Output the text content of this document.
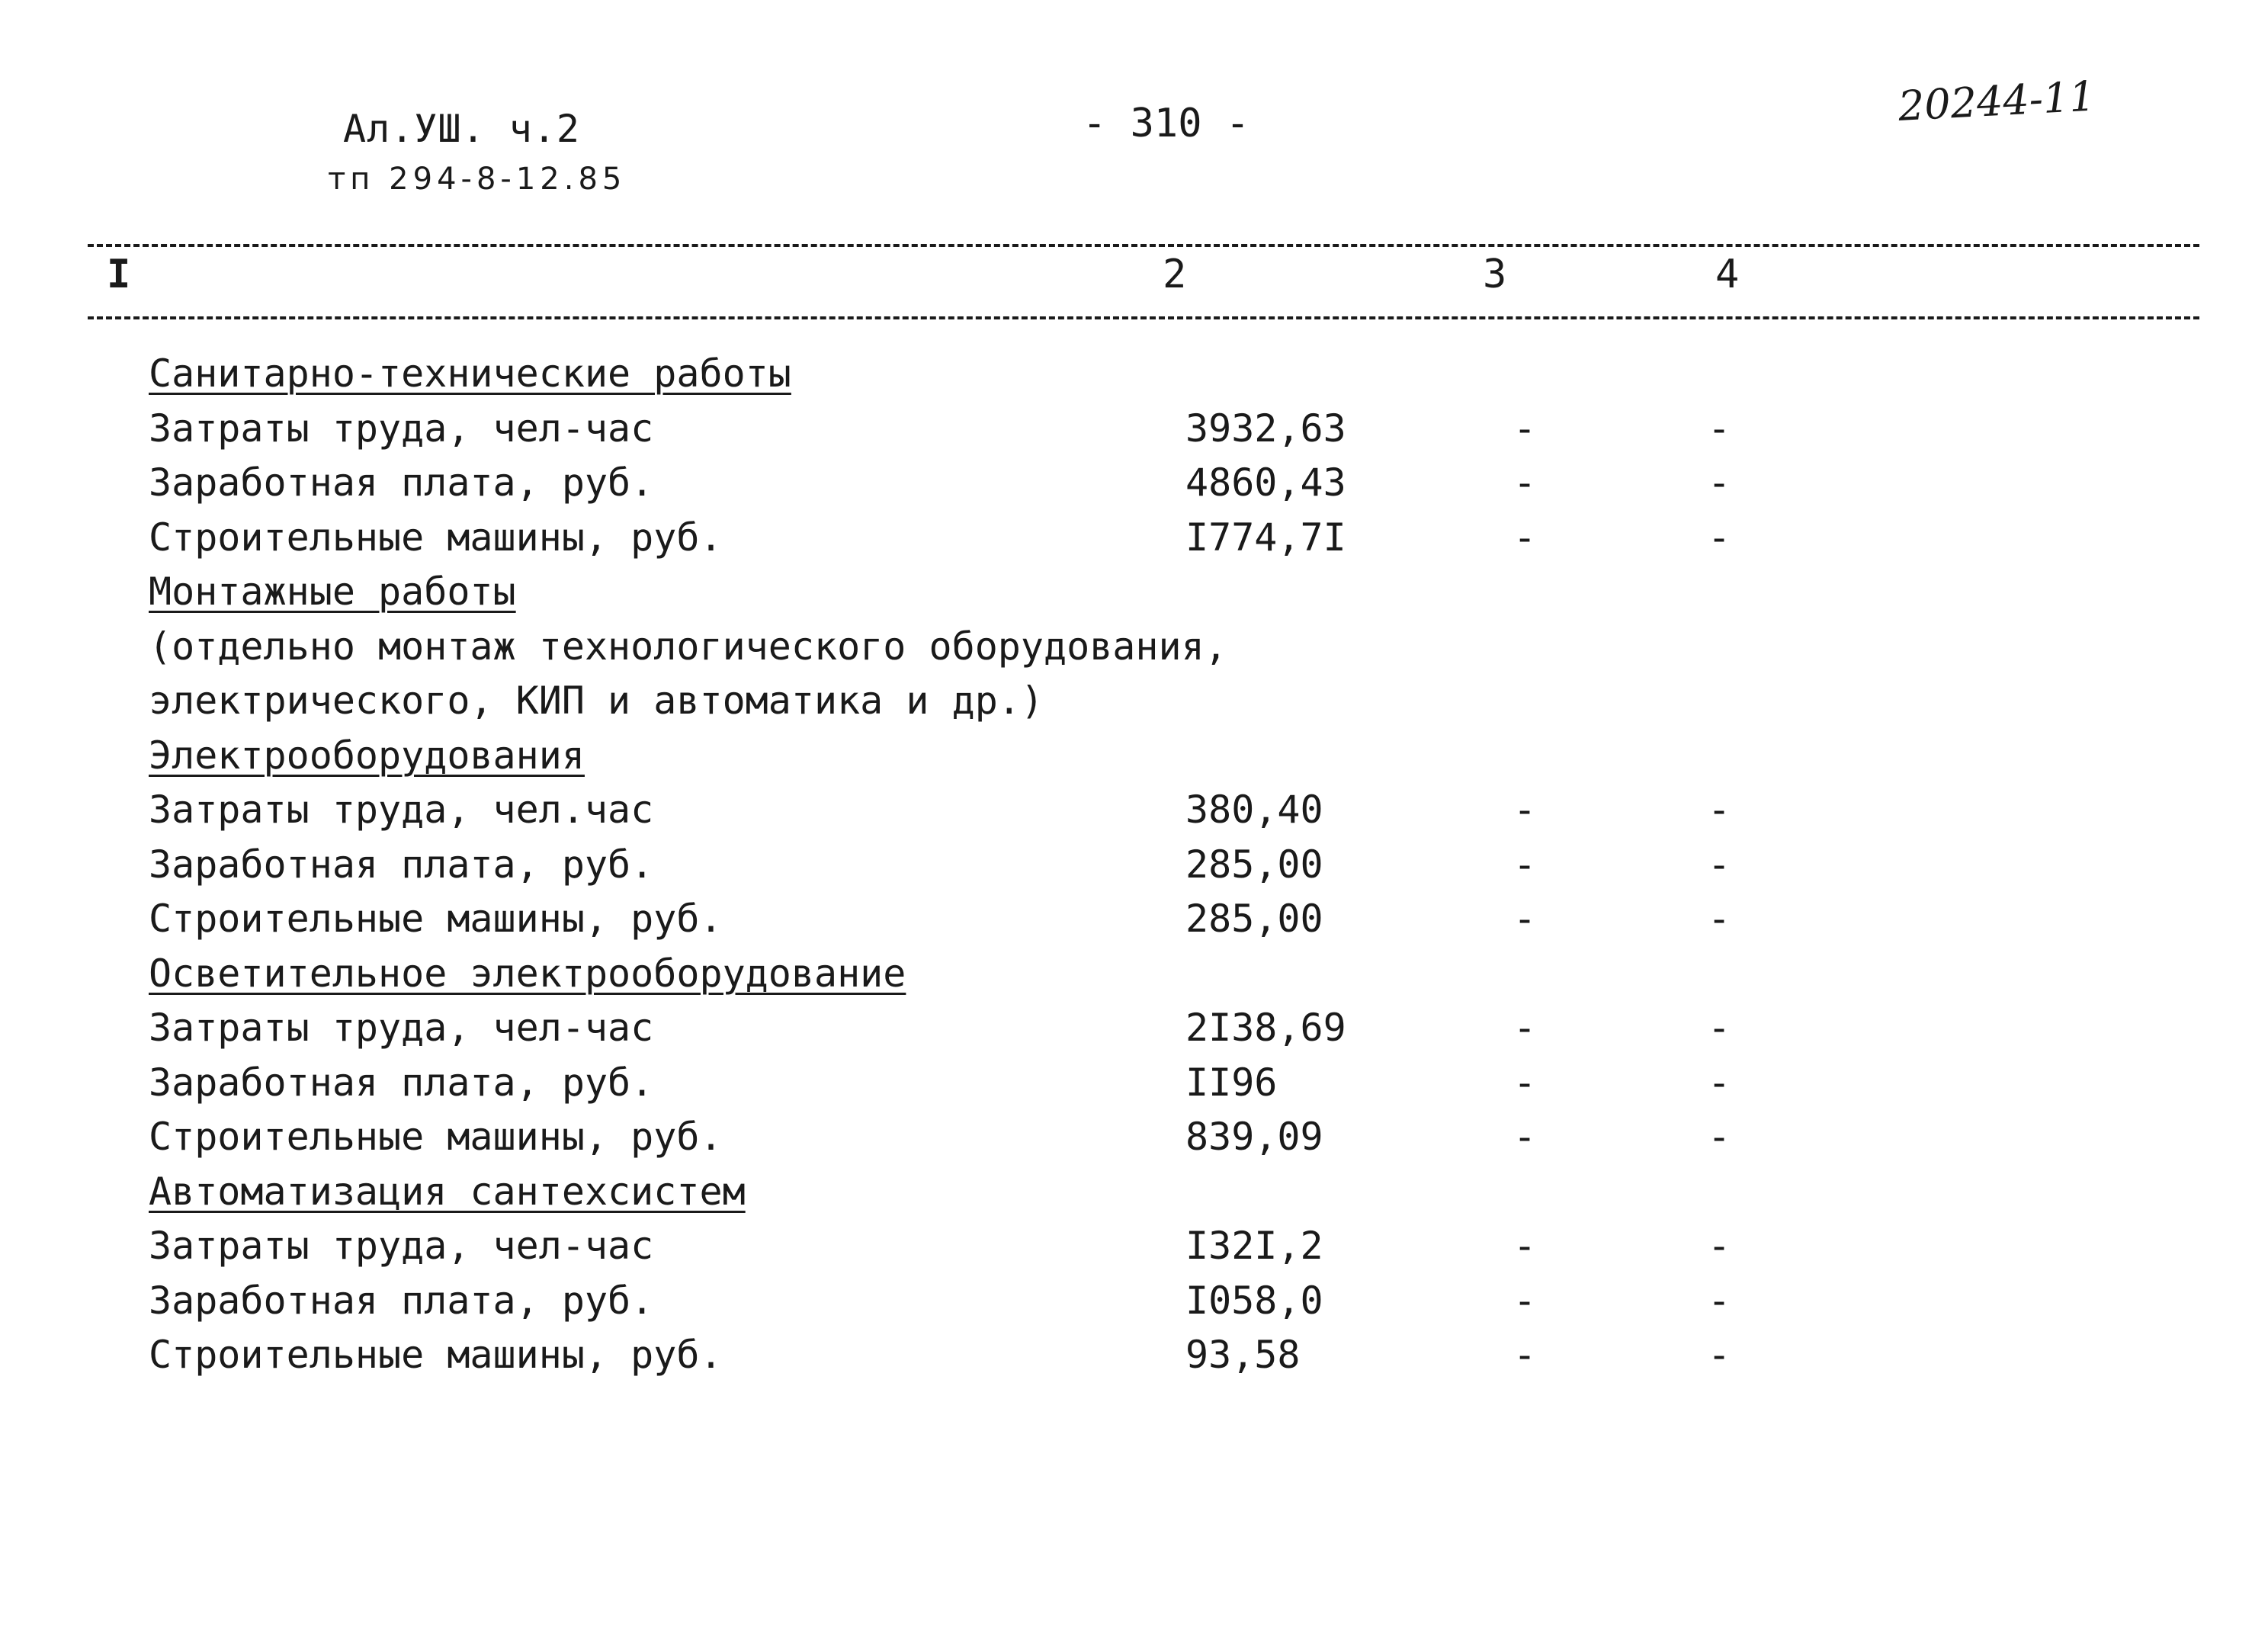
Ал.УШ. ч.2
тп 294-8-12.85
- 310 -	20244-11
I	2	3	4
Санитарно-технические работы
Затраты труда, чел-час	3932,63	-	-
Заработная плата, руб.	4860,43	-	-
Строительные машины, руб.	I774,7I	-	-
Монтажные работы
(отдельно монтаж технологического оборудования,
электрического, КИП и автоматика и др.)
Электрооборудования
Затраты труда, чел.час	380,40	-	-
Заработная плата, руб.	285,00	-	-
Строительные машины, руб.	285,00	-	-
Осветительное электрооборудование
Затраты труда, чел-час	2I38,69	-	-
Заработная плата, руб.	II96	-	-
Строительные машины, руб.	839,09	-	-
Автоматизация сантехсистем
Затраты труда, чел-час	I32I,2	-	-
Заработная плата, руб.	I058,0	-	-
Строительные машины, руб.	93,58	-	-
